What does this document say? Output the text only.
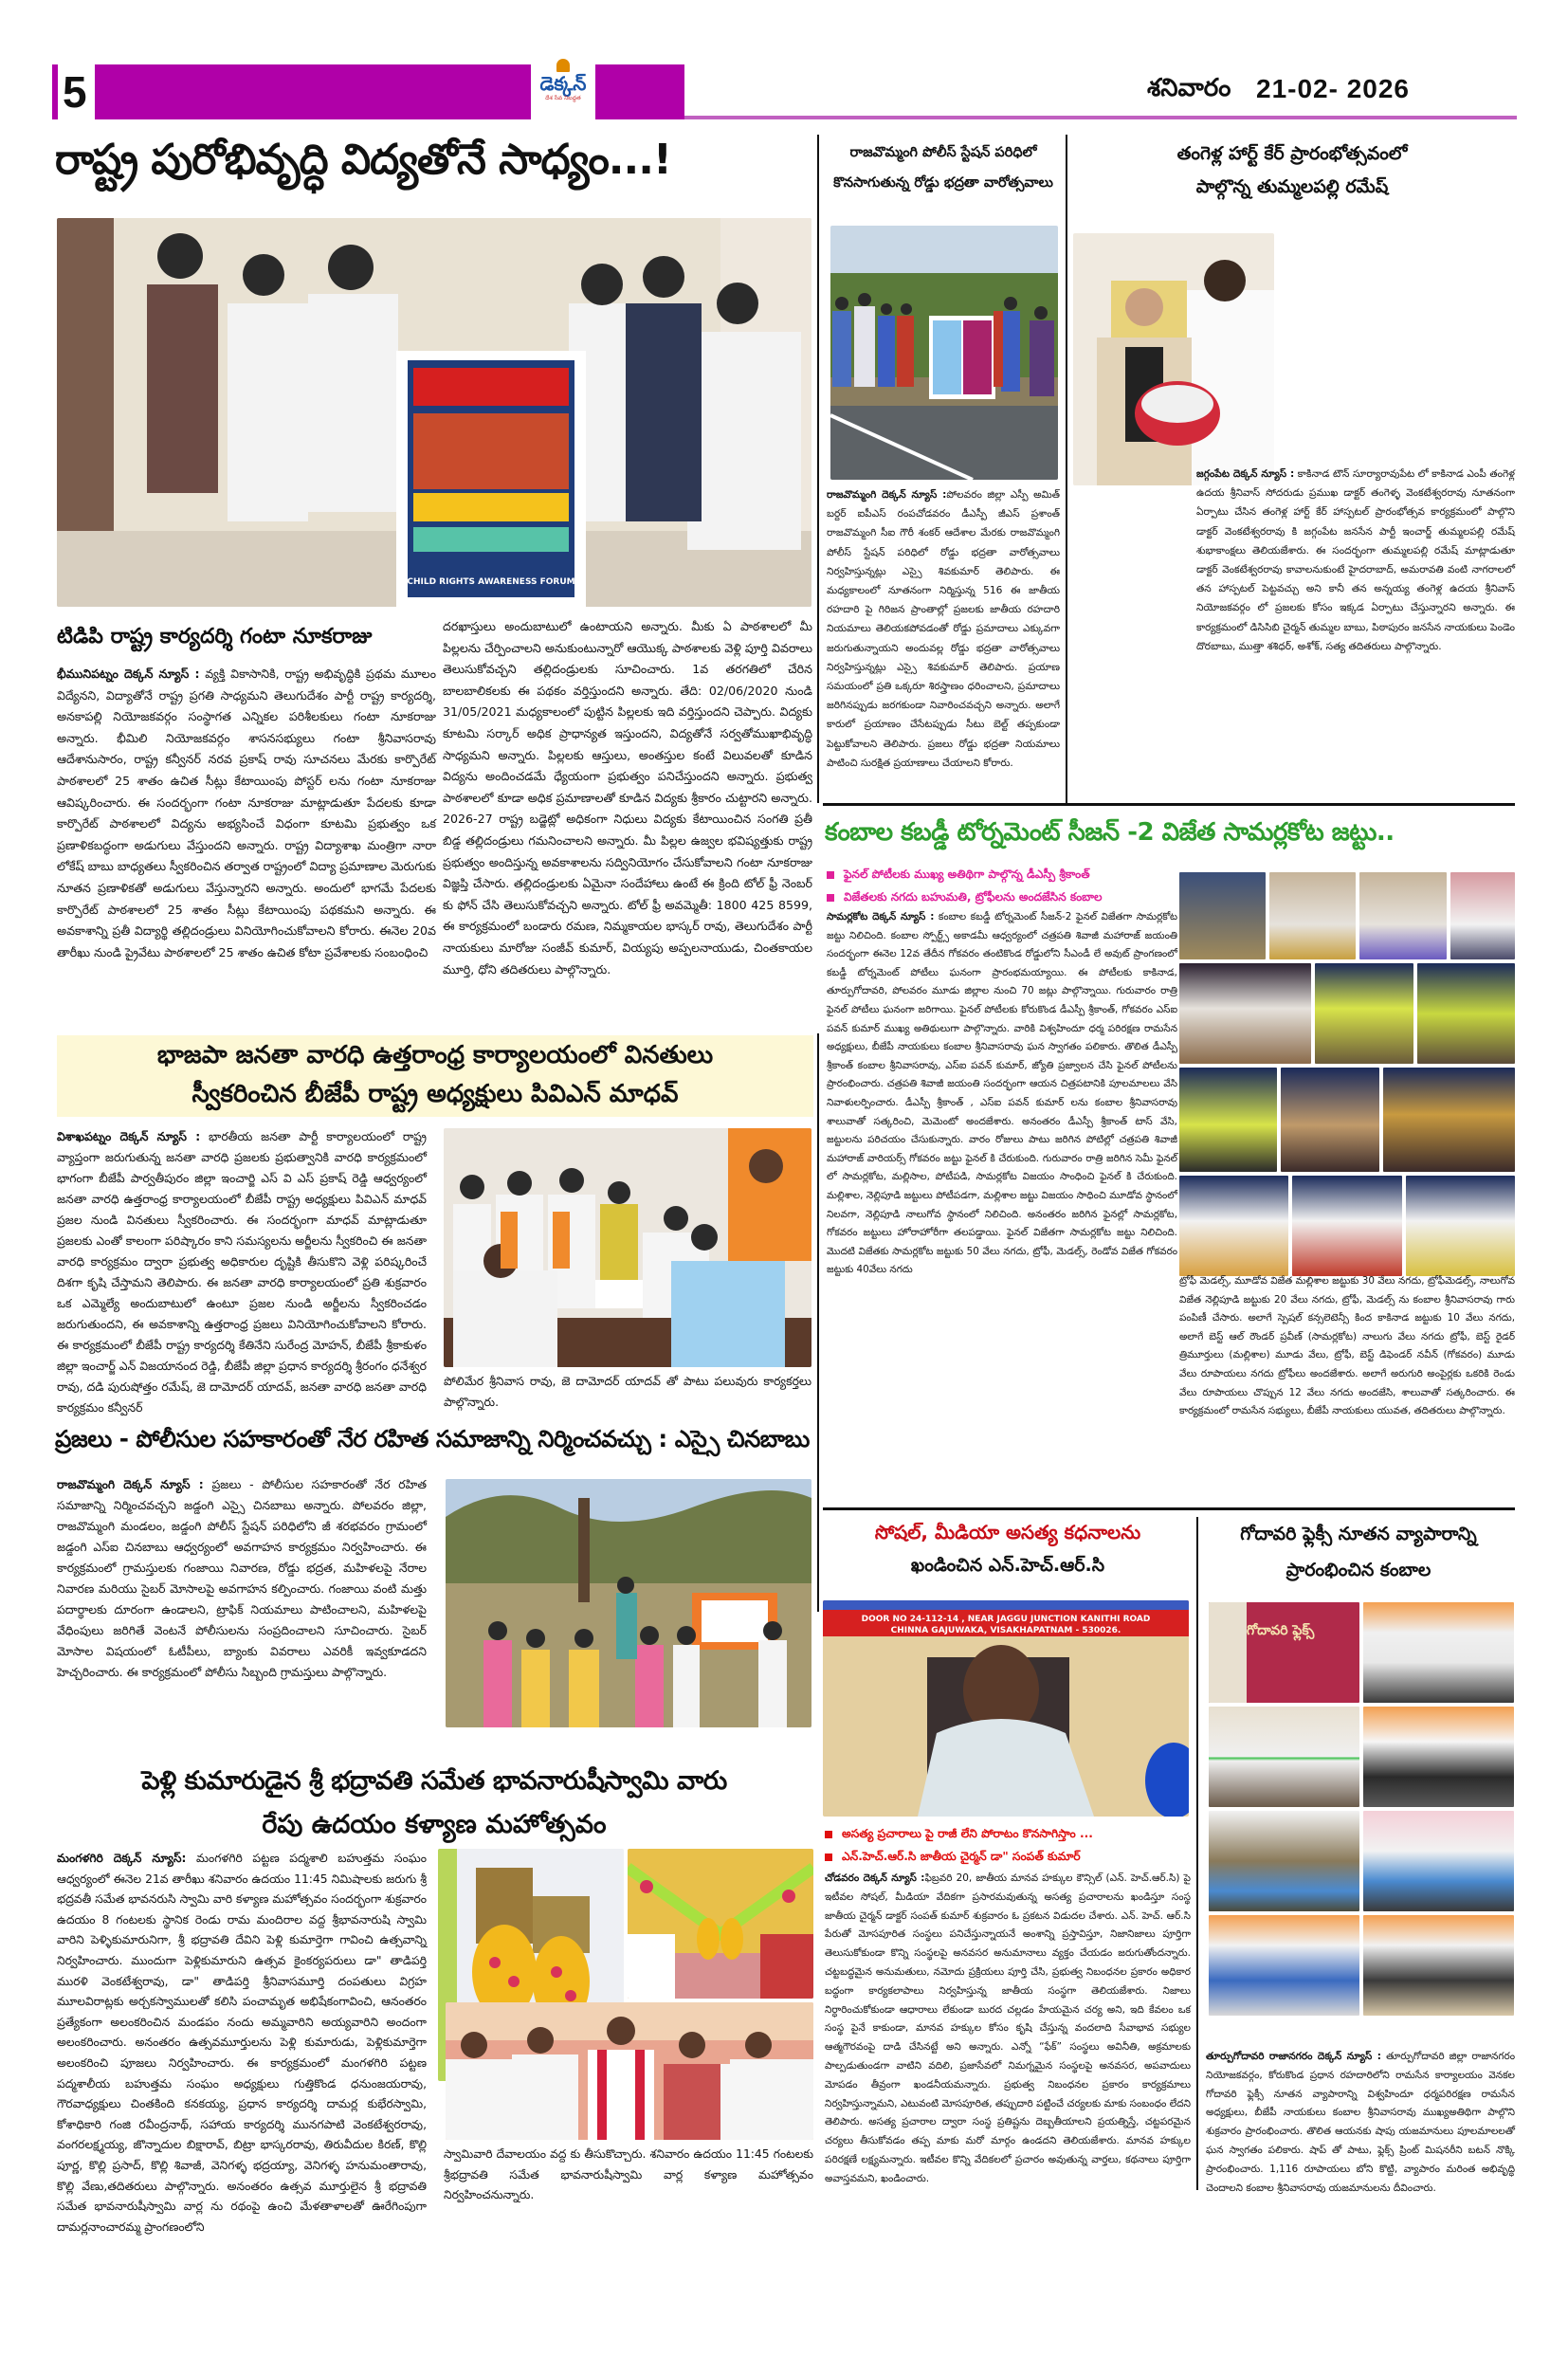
5	డెక్కన్
దేశ సేవ నిబద్ధత	శనివారం 21-02- 2026
రాష్ట్ర పురోభివృద్ధి విద్యతోనే సాధ్యం...!
CHILD RIGHTS AWARENESS FORUM
టిడిపి రాష్ట్ర కార్యదర్శి గంటా నూకరాజు

భీమునిపట్నం దెక్కన్ న్యూస్ : వ్యక్తి వికాసానికి, రాష్ట్ర అభివృద్ధికి ప్రథమ మూలం విద్యేనని, విద్యాతోనే రాష్ట్ర ప్రగతి సాధ్యమని తెలుగుదేశం పార్టీ రాష్ట్ర కార్యదర్శి, అనకాపల్లి నియోజకవర్గం సంస్థాగత ఎన్నికల పరిశీలకులు గంటా నూకరాజు అన్నారు. భీమిలి నియోజకవర్గం శాసనసభ్యులు గంటా శ్రీనివాసరావు ఆదేశానుసారం, రాష్ట్ర కన్వీనర్ నరవ ప్రకాష్ రావు సూచనలు మేరకు కార్పొరేట్ పాఠశాలలో 25 శాతం ఉచిత సీట్లు కేటాయింపు పోస్టర్ లను గంటా నూకరాజు ఆవిష్కరించారు. ఈ సందర్భంగా గంటా నూకరాజు మాట్లాడుతూ పేదలకు కూడా కార్పొరేట్ పాఠశాలలో విద్యను అభ్యసించే విధంగా కూటమి ప్రభుత్వం ఒక ప్రణాళికబద్ధంగా అడుగులు వేస్తుందని అన్నారు. రాష్ట్ర విద్యాశాఖ మంత్రిగా నారా లోకేష్ బాబు బాధ్యతలు స్వీకరించిన తర్వాత రాష్ట్రంలో విద్యా ప్రమాణాల మెరుగుకు నూతన ప్రణాళికతో అడుగులు వేస్తున్నారని అన్నారు. అందులో భాగమే పేదలకు కార్పొరేట్ పాఠశాలలో 25 శాతం సీట్లు కేటాయింపు పథకమని అన్నారు. ఈ అవకాశాన్ని ప్రతీ విద్యార్థి తల్లిదండ్రులు వినియోగించుకోవాలని కోరారు. ఈనెల 20వ తారీఖు నుండి ప్రైవేటు పాఠశాలలో 25 శాతం ఉచిత కోటా ప్రవేశాలకు సంబంధించి

దరఖాస్తులు అందుబాటులో ఉంటాయని అన్నారు. మీకు ఏ పాఠశాలలో మీ పిల్లలను చేర్పించాలని అనుకుంటున్నారో ఆయొక్క పాఠశాలకు వెళ్లి పూర్తి వివరాలు తెలుసుకోవచ్చని తల్లిదండ్రులకు సూచించారు. 1వ తరగతిలో చేరిన బాలబాలికలకు ఈ పథకం వర్తిస్తుందని అన్నారు. తేది: 02/06/2020 నుండి 31/05/2021 మధ్యకాలంలో పుట్టిన పిల్లలకు ఇది వర్తిస్తుందని చెప్పారు. విద్యకు కూటమి సర్కార్ అధిక ప్రాధాన్యత ఇస్తుందని, విద్యతోనే సర్వతోముఖాభివృద్ధి సాధ్యమని అన్నారు. పిల్లలకు ఆస్తులు, అంతస్తుల కంటే విలువలతో కూడిన విద్యను అందించడమే ధ్యేయంగా ప్రభుత్వం పనిచేస్తుందని అన్నారు. ప్రభుత్వ పాఠశాలలో కూడా అధిక ప్రమాణాలతో కూడిన విద్యకు శ్రీకారం చుట్టారని అన్నారు. 2026-27 రాష్ట్ర బడ్జెట్లో అధికంగా నిధులు విద్యకు కేటాయించిన సంగతి ప్రతీ బిడ్డ తల్లిదండ్రులు గమనించాలని అన్నారు. మీ పిల్లల ఉజ్వల భవిష్యత్తుకు రాష్ట్ర ప్రభుత్వం అందిస్తున్న అవకాశాలను సద్వినియోగం చేసుకోవాలని గంటా నూకరాజు విజ్ఞప్తి చేసారు. తల్లిదండ్రులకు ఏమైనా సందేహాలు ఉంటే ఈ క్రింది టోల్ ఫ్రీ నెంబర్ కు ఫోన్ చేసి తెలుసుకోవచ్చని అన్నారు. టోల్ ఫ్రీ అవమ్మెతీ: 1800 425 8599, ఈ కార్యక్రమంలో బండారు రమణ, నిమ్మకాయల భాస్కర్ రావు, తెలుగుదేశం పార్టీ నాయకులు మారోజు సంజీవ్ కుమార్, వియ్యపు అప్పలనాయుడు, చింతకాయల మూర్తి, ధోని తదితరులు పాల్గొన్నారు.

భాజపా జనతా వారధి ఉత్తరాంధ్ర కార్యాలయంలో వినతులు
స్వీకరించిన బీజేపీ రాష్ట్ర అధ్యక్షులు పివిఎన్ మాధవ్

విశాఖపట్నం దెక్కన్ న్యూస్ : భారతీయ జనతా పార్టీ కార్యాలయంలో రాష్ట్ర వ్యాప్తంగా జరుగుతున్న జనతా వారధి ప్రజలకు ప్రభుత్వానికి వారధి కార్యక్రమంలో భాగంగా బీజేపీ పార్వతీపురం జిల్లా ఇంచార్జి ఎస్ వి ఎస్ ప్రకాష్ రెడ్డి ఆధ్వర్యంలో జనతా వారధి ఉత్తరాంధ్ర కార్యాలయంలో బీజేపీ రాష్ట్ర అధ్యక్షులు పివిఎన్ మాధవ్ ప్రజల నుండి వినతులు స్వీకరించారు. ఈ సందర్భంగా మాధవ్ మాట్లాడుతూ ప్రజలకు ఎంతో కాలంగా పరిష్కారం కాని సమస్యలను అర్జీలను స్వీకరించి ఈ జనతా వారధి కార్యక్రమం ద్వారా ప్రభుత్వ అధికారుల దృష్టికి తీసుకొని వెళ్లి పరిష్కరించే దిశగా కృషి చేస్తామని తెలిపారు. ఈ జనతా వారధి కార్యాలయంలో ప్రతి శుక్రవారం ఒక ఎమ్మెల్యే అందుబాటులో ఉంటూ ప్రజల నుండి అర్జీలను స్వీకరించడం జరుగుతుందని, ఈ అవకాశాన్ని ఉత్తరాంధ్ర ప్రజలు వినియోగించుకోవాలని కోరారు. ఈ కార్యక్రమంలో బీజేపీ రాష్ట్ర కార్యదర్శి కేతినేని సురేంద్ర మోహన్, బీజేపీ శ్రీకాకుళం జిల్లా ఇంచార్జ్ ఎన్ విజయానంద రెడ్డి, బీజేపీ జిల్లా ప్రధాన కార్యదర్శి శ్రీరంగం ధనేశ్వర రావు, దడి పురుషోత్తం రమేష్, జె దామోదర్ యాదవ్, జనతా వారధి జనతా వారధి కార్యక్రమం కన్వీనర్

పోలిమేర శ్రీనివాస రావు, జె దామోదర్ యాదవ్ తో పాటు పలువురు కార్యకర్తలు పాల్గొన్నారు.

ప్రజలు - పోలీసుల సహకారంతో నేర రహిత సమాజాన్ని నిర్మించవచ్చు : ఎస్సై చినబాబు

రాజవొమ్మంగి దెక్కన్ న్యూస్ : ప్రజలు - పోలీసుల సహకారంతో నేర రహిత సమాజాన్ని నిర్మించవచ్చని జడ్డంగి ఎస్సై చినబాబు అన్నారు. పోలవరం జిల్లా, రాజవొమ్మంగి మండలం, జడ్డంగి పోలీస్ స్టేషన్ పరిధిలోని జీ శరభవరం గ్రామంలో జడ్డంగి ఎస్ఐ చినబాబు ఆధ్వర్యంలో అవగాహన కార్యక్రమం నిర్వహించారు. ఈ కార్యక్రమంలో గ్రామస్తులకు గంజాయి నివారణ, రోడ్డు భద్రత, మహిళలపై నేరాల నివారణ మరియు సైబర్ మోసాలపై అవగాహన కల్పించారు. గంజాయి వంటి మత్తు పదార్థాలకు దూరంగా ఉండాలని, ట్రాఫిక్ నియమాలు పాటించాలని, మహిళలపై వేధింపులు జరిగితే వెంటనే పోలీసులను సంప్రదించాలని సూచించారు. సైబర్ మోసాల విషయంలో ఓటీపీలు, బ్యాంకు వివరాలు ఎవరికీ ఇవ్వకూడదని హెచ్చరించారు. ఈ కార్యక్రమంలో పోలీసు సిబ్బంది గ్రామస్తులు పాల్గొన్నారు.

పెళ్లి కుమారుడైన శ్రీ భద్రావతి సమేత భావనారుషీస్వామి వారు
రేపు ఉదయం కళ్యాణ మహోత్సవం

మంగళగిరి దెక్కన్ న్యూస్: మంగళగిరి పట్టణ పద్మశాలి బహుత్తమ సంఘం ఆధ్వర్యంలో ఈనెల 21వ తారీఖు శనివారం ఉదయం 11:45 నిమిషాలకు జరుగు శ్రీ భద్రవతీ సమేత భావనరుసి స్వామి వారి కళ్యాణ మహోత్సవం సందర్భంగా శుక్రవారం ఉదయం 8 గంటలకు స్థానిక రెండు రామ మందిరాల వద్ద శ్రీభావనారుషి స్వామి వారిని పెళ్ళికుమారునిగా, శ్రీ భద్రావతి దేవిని పెళ్లి కుమార్తెగా గావించి ఉత్సవాన్ని నిర్వహించారు. ముందుగా పెళ్లికుమారుని ఉత్సవ కైంకర్యపరులు డా" తాడిపర్తి మురళి వెంకటేశ్వరావు, డా" తాడిపర్తి శ్రీనివాసమూర్తి దంపతులు విగ్రహ మూలవిరాట్లకు అర్చకస్వాములతో కలిసి పంచామృత అభిషేకంగావించి, ఆనంతరం ప్రత్యేకంగా అలంకరించిన మండపం నందు అమ్మవారిని అయ్యవారిని అందంగా అలంకరించారు. అనంతరం ఉత్సవమూర్తులను పెళ్లి కుమారుడు, పెళ్లికుమార్తెగా అలంకరించి పూజలు నిర్వహించారు. ఈ కార్యక్రమంలో మంగళగిరి పట్టణ పద్మశాలీయ బహుత్తమ సంఘం అధ్యక్షులు గుత్తికొండ ధనుంజయరావు, గౌరవాధ్యక్షులు చింతకింది కనకయ్య, ప్రధాన కార్యదర్శి దామర్ల కుభేరస్వామి, కోశాధికారి గంజి రవీంద్రనాథ్, సహాయ కార్యదర్శి మునగపాటి వెంకటేశ్వరరావు, వంగరలక్ష్మయ్య, జొన్నాదుల బిక్షారావ్, బిట్రా భాస్కరరావు, తిరువీదుల కిరణ్, కొల్లి పూర్ణ, కొల్లి ప్రసాద్, కొల్లి శివాజీ, వెనిగళ్ళ భద్రయ్యా, వెనిగళ్ళ హనుమంతారావు, కొల్లి వేణు,తదితరులు పాల్గొన్నారు. అనంతరం ఉత్సవ మూర్తులైన శ్రీ భద్రావతి సమేత భావనారుషీస్వామి వార్ల ను రథంపై ఉంచి మేళతాళాలతో ఊరేగింపుగా దామర్లనాంచారమ్మ ప్రాంగణంలోని

స్వామివారి దేవాలయం వద్ద కు తీసుకొచ్చారు. శనివారం ఉదయం 11:45 గంటలకు శ్రీభద్రావతి సమేత భావనారుషీస్వామి వార్ల కళ్యాణ మహోత్సవం నిర్వహించనున్నారు.

రాజవొమ్మంగి పోలీస్ స్టేషన్ పరిధిలో
కొనసాగుతున్న రోడ్డు భద్రతా వారోత్సవాలు

రాజవొమ్మంగి దెక్కన్ న్యూస్ :పోలవరం జిల్లా ఎస్పీ అమిత్ బర్దర్ ఐపీఎస్ రంపచోడవరం డీఎస్పీ జీఎస్ ప్రశాంత్ రాజవొమ్మంగి సీఐ గౌరీ శంకర్ ఆదేశాల మేరకు రాజవొమ్మంగి పోలీస్ స్టేషన్ పరిధిలో రోడ్డు భద్రతా వారోత్సవాలు నిర్వహిస్తున్నట్లు ఎస్సై శివకుమార్ తెలిపారు. ఈ మధ్యకాలంలో నూతనంగా నిర్మిస్తున్న 516 ఈ జాతీయ రహదారి పై గిరిజన ప్రాంతాల్లో ప్రజలకు జాతీయ రహదారి నియమాలు తెలియకపోవడంతో రోడ్డు ప్రమాదాలు ఎక్కువగా జరుగుతున్నాయని అందువల్ల రోడ్డు భద్రతా వారోత్సవాలు నిర్వహిస్తున్నట్లు ఎస్సై శివకుమార్ తెలిపారు. ప్రయాణ సమయంలో ప్రతి ఒక్కరూ శిరస్త్రాణం ధరించాలని, ప్రమాదాలు జరిగినప్పుడు జరగకుండా నివారించవచ్చని అన్నారు. అలాగే కారులో ప్రయాణం చేసేటప్పుడు సీటు బెల్ట్ తప్పకుండా పెట్టుకోవాలని తెలిపారు. ప్రజలు రోడ్డు భద్రతా నియమాలు పాటించి సురక్షిత ప్రయాణాలు చేయాలని కోరారు.

తంగెళ్ల హార్ట్ కేర్ ప్రారంభోత్సవంలో
పాల్గొన్న తుమ్మలపల్లి రమేష్

జగ్గంపేట దెక్కన్ న్యూస్ : కాకినాడ టౌన్ సూర్యారావుపేట లో కాకినాడ ఎంపీ తంగెళ్ల ఉదయ శ్రీనివాస్ సోదరుడు ప్రముఖ డాక్టర్ తంగెళ్ళ వెంకటేశ్వరరావు నూతనంగా ఏర్పాటు చేసిన తంగెళ్ల హార్ట్ కేర్ హాస్పటల్ ప్రారంభోత్సవ కార్యక్రమంలో పాల్గొని డాక్టర్ వెంకటేశ్వరరావు కి జగ్గంపేట జనసేన పార్టీ ఇంచార్జ్ తుమ్మలపల్లి రమేష్ శుభాకాంక్షలు తెలియజేశారు. ఈ సందర్భంగా తుమ్మలపల్లి రమేష్ మాట్లాడుతూ డాక్టర్ వెంకటేశ్వరరావు కావాలనుకుంటే హైదరాబాద్, అమరావతి వంటి నాగరాలలో తన హాస్పటల్ పెట్టవచ్చు అని కానీ తన అన్నయ్య తంగెళ్ల ఉదయ శ్రీనివాస్ నియోజకవర్గం లో ప్రజలకు కోసం ఇక్కడ ఏర్పాటు చేస్తున్నారని అన్నారు. ఈ కార్యక్రమంలో డిసిసిబి చైర్మన్ తుమ్మల బాబు, పిఠాపురం జనసేన నాయకులు పెండెం దొరబాబు, ముత్తా శశిధర్, అశోక్, సత్య తదితరులు పాల్గొన్నారు.

కంబాల కబడ్డీ టోర్నమెంట్ సీజన్ -2 విజేత సామర్లకోట జట్టు..
ఫైనల్ పోటీలకు ముఖ్య అతిథిగా పాల్గొన్న డీఎస్పీ శ్రీకాంత్
విజేతలకు నగదు బహుమతి, ట్రోఫీలను అందజేసిన కంబాల

సామర్లకోట దెక్కన్ న్యూస్ : కంబాల కబడ్డీ టోర్నమెంట్ సీజన్-2 ఫైనల్ విజేతగా సామర్లకోట జట్టు నిలిచింది. కంబాల స్పోర్ట్స్ అకాడమీ ఆధ్వర్యంలో చత్రపతి శివాజీ మహారాజ్ జయంతి సందర్భంగా ఈనెల 12వ తేదీన గోకవరం తంటికొండ రోడ్డులోని సీఎండీ లే అవుట్ ప్రాంగణంలో కబడ్డీ టోర్నమెంట్ పోటీలు ఘనంగా ప్రారంభమయ్యాయి. ఈ పోటీలకు కాకినాడ, తూర్పుగోదావరి, పోలవరం మూడు జిల్లాల నుంచి 70 జట్లు పాల్గొన్నాయి. గురువారం రాత్రి ఫైనల్ పోటీలు ఘనంగా జరిగాయి. ఫైనల్ పోటీలకు కోరుకొండ డీఎస్పీ శ్రీకాంత్, గోకవరం ఎస్ఐ పవన్ కుమార్ ముఖ్య అతిథులుగా పాల్గొన్నారు. వారికి విశ్వహిందూ ధర్మ పరిరక్షణ రామసేన అధ్యక్షులు, బీజేపీ నాయకులు కంబాల శ్రీనివాసరావు ఘన స్వాగతం పలికారు. తొలిత డీఎస్పీ శ్రీకాంత్ కంబాల శ్రీనివాసరావు, ఎస్ఐ పవన్ కుమార్, జ్యోతి ప్రజ్వాలన చేసి ఫైనల్ పోటీలను ప్రారంభించారు. చత్రపతి శివాజీ జయంతి సందర్భంగా ఆయన చిత్రపటానికి పూలమాలలు వేసి నివాళులర్పించారు. డీఎస్పీ శ్రీకాంత్ , ఎస్ఐ పవన్ కుమార్ లను కంబాల శ్రీనివాసరావు శాలువాతో సత్కరించి, మెమెంటో అందజేశారు. అనంతరం డీఎస్పీ శ్రీకాంత్ టాస్ వేసి, జట్టులను పరిచయం చేసుకున్నారు. వారం రోజులు పాటు జరిగిన పోటిల్లో చత్రపతి శివాజీ మహారాజ్ వారియర్స్ గోకవరం జట్టు ఫైనల్ కి చేరుకుంది. గురువారం రాత్రి జరిగిన సెమీ ఫైనల్ లో సామర్లకోట, మల్లిసాల, పోటీపడి, సామర్లకోట విజయం సాంధించి ఫైనల్ కి చేరుకుంది. మల్లిశాల, నెల్లిపూడి జట్టులు పోటీపడగా, మల్లిశాల జట్టు విజయం సాధించి మూడోవ స్థానంలో నిలవగా, నెల్లిపూడి నాలుగోవ స్థానంలో నిలిచింది. అనంతరం జరిగిన ఫైనల్లో సామర్లకోట, గోకవరం జట్టులు హోరాహోరీగా తలపడ్డాయి. ఫైనల్ విజేతగా సామర్లకోట జట్టు నిలిచింది. మొదటి విజేతకు సామర్లకోట జట్టుకు 50 వేలు నగదు, ట్రోఫీ, మెడల్స్, రెండోవ విజేత గోకవరం జట్టుకు 40వేలు నగదు

ట్రోఫీ మెడల్స్, మూడోవ విజేత మల్లిశాల జట్టుకు 30 వేలు నగదు, ట్రోఫీమెడల్స్, నాలుగోవ విజేత నెల్లిపూడి జట్టుకు 20 వేలు నగదు, ట్రోఫీ, మెడల్స్ ను కంబాల శ్రీనివాసరావు గారు పంపిణీ చేసారు. అలాగే స్పెషల్ కన్సలెటెన్సీ కింద కాకినాడ జట్టుకు 10 వేలు నగదు, అలాగే బెస్ట్ ఆల్ రౌండర్ ప్రవీణ్ (సామర్లకోట) నాలుగు వేలు నగదు ట్రోఫీ, బెస్ట్ రైడర్ త్రిమూర్తులు (మల్లిశాల) మూడు వేలు, ట్రోఫీ, బెస్ట్ డిఫెండర్ నవీన్ (గోకవరం) మూడు వేలు రూపాయలు నగదు ట్రోఫీలు అందజేశారు. అలాగే అరుగురి అంపైర్లకు ఒకరికి రెండు వేలు రూపాయలు చొప్పున 12 వేలు నగదు అందజేసి, శాలువాతో సత్కరించారు. ఈ కార్యక్రమంలో రామసేన సభ్యులు, బీజేపీ నాయకులు యువత, తదితరులు పాల్గొన్నారు.

సోషల్, మీడియా అసత్య కధనాలను
ఖండించిన ఎన్.హెచ్.ఆర్.సి
DOOR NO 24-112-14 , NEAR JAGGU JUNCTION KANITHI ROAD
CHINNA GAJUWAKA, VISAKHAPATNAM - 530026.
అసత్య ప్రచారాలు పై రాజీ లేని పోరాటం కొనసాగిస్తాం ...
ఎన్.హెచ్.ఆర్.సి జాతీయ చైర్మన్ డా" సంపత్ కుమార్

చోడవరం దెక్కన్ న్యూస్ :ఫిబ్రవరి 20, జాతీయ మానవ హక్కుల కౌన్సిల్ (ఎన్. హెచ్.ఆర్.సి) పై ఇటీవల సోషల్, మీడియా వేదికగా ప్రసారమవుతున్న అసత్య ప్రచారాలను ఖండిస్తూ సంస్థ జాతీయ చైర్మన్ డాక్టర్ సంపత్ కుమార్ శుక్రవారం ఓ ప్రకటన విడుదల చేశారు. ఎన్. హెచ్. ఆర్.సి పేరుతో మోసపూరిత సంస్థలు పనిచేస్తున్నాయనే అంశాన్ని ప్రస్తావిస్తూ, నిజానిజాలు పూర్తిగా తెలుసుకోకుండా కొన్ని సంస్థలపై అనవసర అనుమానాలు వ్యక్తం చేయడం జరుగుతోందన్నారు. చట్టబద్ధమైన అనుమతులు, నమోదు ప్రక్రియలు పూర్తి చేసి, ప్రభుత్వ నిబంధనల ప్రకారం అధికార బద్ధంగా కార్యకలాపాలు నిర్వహిస్తున్న జాతీయ సంస్థగా తెలియజేశారు. నిజాలు నిర్ధారించుకోకుండా ఆధారాలు లేకుండా బురద చల్లడం హేయమైన చర్య అని, ఇది కేవలం ఒక సంస్థ పైనే కాకుండా, మానవ హక్కుల కోసం కృషి చేస్తున్న వందలాది సేవాభావ సభ్యుల ఆత్మగౌరవంపై దాడి చేసినట్టే అని అన్నారు. ఎన్నో “ఫేక్” సంస్థలు అవినీతి, అక్రమాలకు పాల్పడుతుండగా వాటిని వదిలి, ప్రజాసేవలో నిమగ్నమైన సంస్థలపై అనవసర, అపవాదులు మోపడం తీవ్రంగా ఖండనీయమన్నారు. ప్రభుత్వ నిబంధనల ప్రకారం కార్యక్రమాలు నిర్వహిస్తున్నామని, ఎటువంటి మోసపూరిత, తప్పుదారి పట్టించే చర్యలకు మాకు సంబంధం లేదని తెలిపారు. అసత్య ప్రచారాల ద్వారా సంస్థ ప్రతిష్టను దెబ్బతీయాలని ప్రయత్నిస్తే, చట్టపరమైన చర్యలు తీసుకోవడం తప్ప మాకు మరో మార్గం ఉండదని తెలియజేశారు. మానవ హక్కుల పరిరక్షణే లక్ష్యమన్నారు. ఇటీవల కొన్ని వేదికలలో ప్రచారం అవుతున్న వార్తలు, కథనాలు పూర్తిగా అవాస్తవమని, ఖండించారు.

గోదావరి ఫ్లెక్సీ నూతన వ్యాపారాన్ని
ప్రారంభించిన కంబాల
గోదావరి ఫ్లెక్స్

తూర్పుగోదావరి రాజానగరం దెక్కన్ న్యూస్ : తూర్పుగోదావరి జిల్లా రాజానగరం నియోజకవర్గం, కోరుకొండ ప్రధాన రహదారిలోని రామసేన కార్యాలయం వెనకల గోదావరి ఫ్లెక్సీ నూతన వ్యాపారాన్ని విశ్వహిందూ ధర్మపరిరక్షణ రామసేన అధ్యక్షులు, బీజేపీ నాయకులు కంబాల శ్రీనివాసరావు ముఖ్యఅతిథిగా పాల్గొని శుక్రవారం ప్రారంభించారు. తొలిత ఆయనకు షాపు యజమానులు పూలమాలలతో ఘన స్వాగతం పలికారు. షాప్ తో పాటు, ఫ్లెక్స్ ప్రింట్ మిషనరీని బటన్ నొక్కి ప్రారంభించారు. 1,116 రూపాయలు బోని కొట్టి, వ్యాపారం మరింత అభివృద్ధి చెందాలని కంబాల శ్రీనివాసరావు యజమానులను దీవించారు.
